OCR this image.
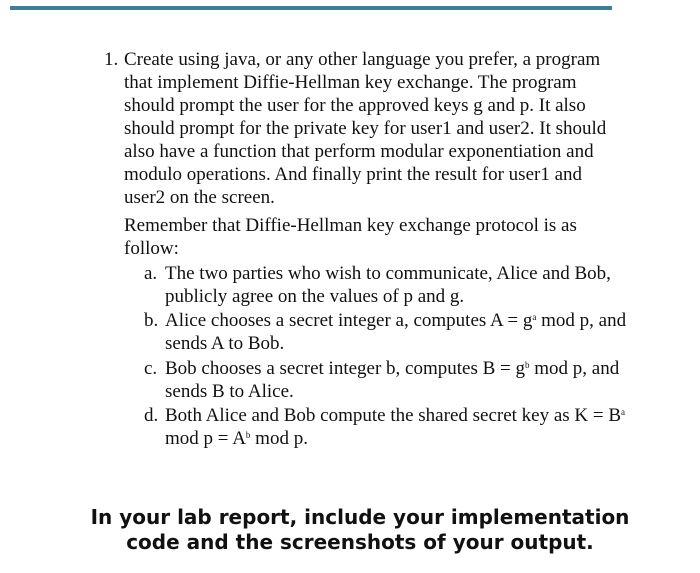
1. Create using java, or any other language you prefer, a program that implement Diffie-Hellman key exchange. The program should prompt the user for the approved keys g and p. It also should prompt for the private key for user1 and user2. It should also have a function that perform modular exponentiation and modulo operations. And finally print the result for user1 and user2 on the screen.

Remember that Diffie-Hellman key exchange protocol is as follow:

a. The two parties who wish to communicate, Alice and Bob, publicly agree on the values of p and g.
b. Alice chooses a secret integer a, computes $A = g^a$ mod p, and sends A to Bob.
c. Bob chooses a secret integer b, computes $B = g^b$ mod p, and sends B to Alice.
d. Both Alice and Bob compute the shared secret key as $K = B^a$ mod $p = A^b$ mod p.
In your lab report, include your implementation
code and the screenshots of your output.
